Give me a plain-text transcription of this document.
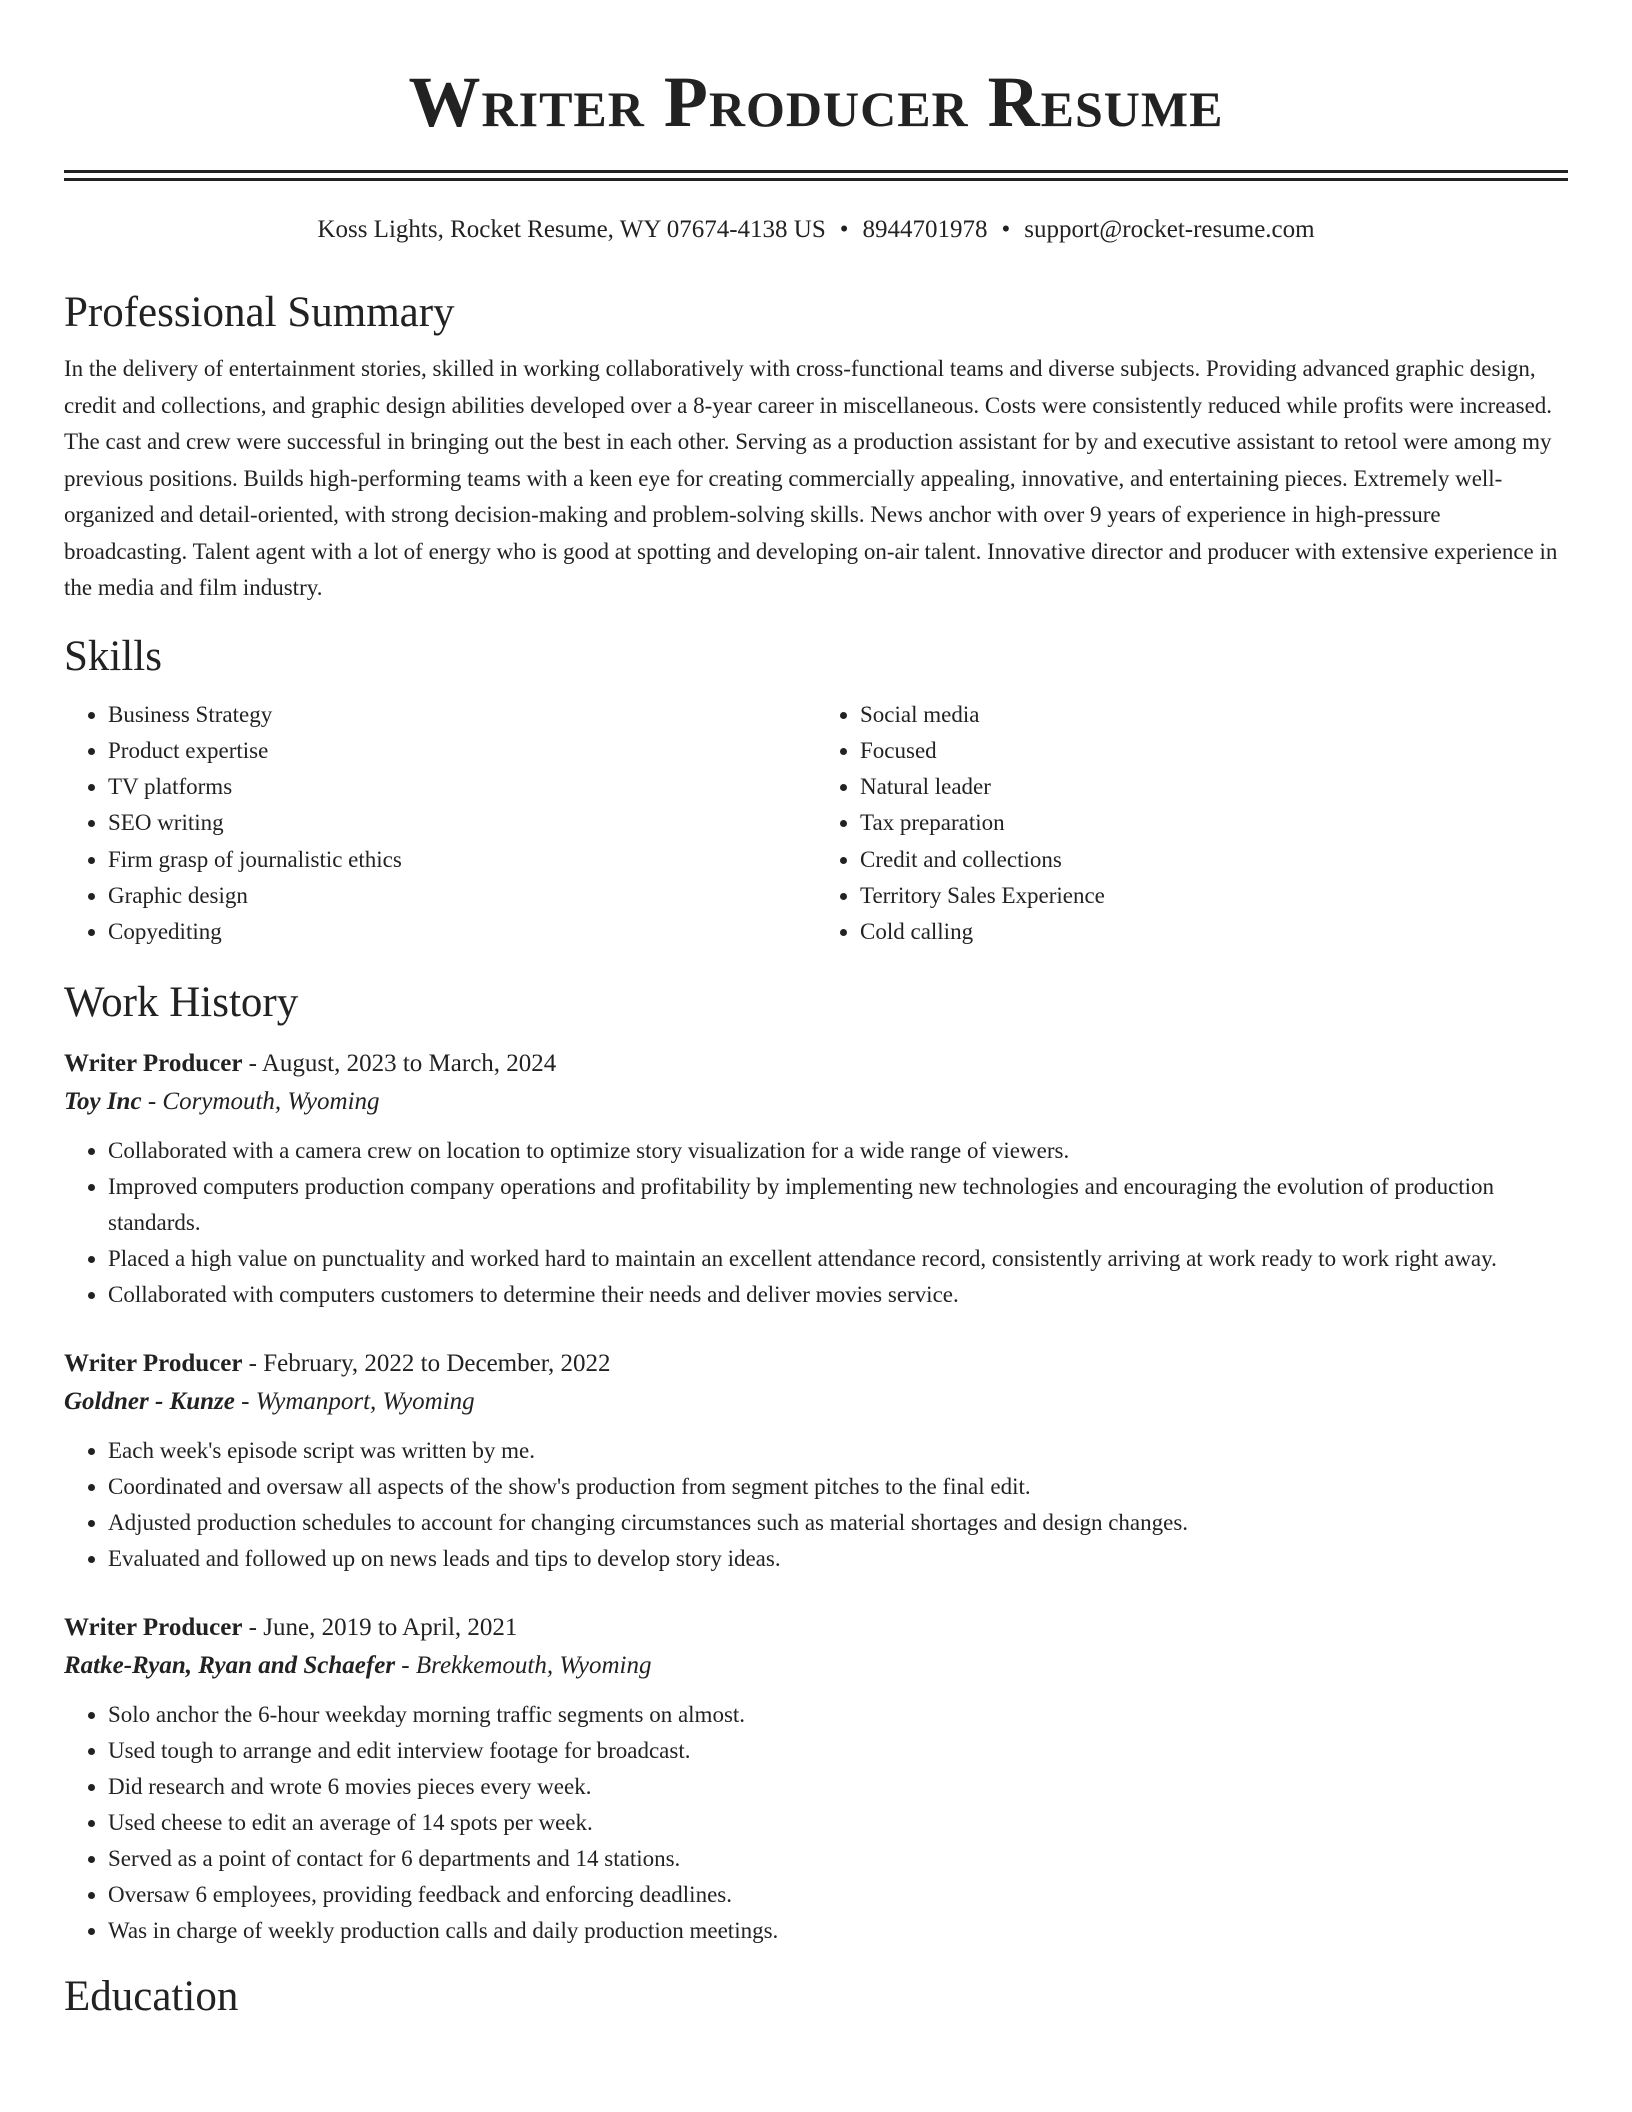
Writer Producer Resume
Koss Lights, Rocket Resume, WY 07674-4138 US • 8944701978 • support@rocket-resume.com
Professional Summary

In the delivery of entertainment stories, skilled in working collaboratively with cross-functional teams and diverse subjects. Providing advanced graphic design, credit and collections, and graphic design abilities developed over a 8-year career in miscellaneous. Costs were consistently reduced while profits were increased. The cast and crew were successful in bringing out the best in each other. Serving as a production assistant for by and executive assistant to retool were among my previous positions. Builds high-performing teams with a keen eye for creating commercially appealing, innovative, and entertaining pieces. Extremely well-organized and detail-oriented, with strong decision-making and problem-solving skills. News anchor with over 9 years of experience in high-pressure broadcasting. Talent agent with a lot of energy who is good at spotting and developing on-air talent. Innovative director and producer with extensive experience in the media and film industry.

Skills
• Business Strategy
• Product expertise
• TV platforms
• SEO writing
• Firm grasp of journalistic ethics
• Graphic design
• Copyediting
• Social media
• Focused
• Natural leader
• Tax preparation
• Credit and collections
• Territory Sales Experience
• Cold calling
Work History
Writer Producer - August, 2023 to March, 2024
Toy Inc - Corymouth, Wyoming
• Collaborated with a camera crew on location to optimize story visualization for a wide range of viewers.
• Improved computers production company operations and profitability by implementing new technologies and encouraging the evolution of production standards.
• Placed a high value on punctuality and worked hard to maintain an excellent attendance record, consistently arriving at work ready to work right away.
• Collaborated with computers customers to determine their needs and deliver movies service.
Writer Producer - February, 2022 to December, 2022
Goldner - Kunze - Wymanport, Wyoming
• Each week's episode script was written by me.
• Coordinated and oversaw all aspects of the show's production from segment pitches to the final edit.
• Adjusted production schedules to account for changing circumstances such as material shortages and design changes.
• Evaluated and followed up on news leads and tips to develop story ideas.
Writer Producer - June, 2019 to April, 2021
Ratke-Ryan, Ryan and Schaefer - Brekkemouth, Wyoming
• Solo anchor the 6-hour weekday morning traffic segments on almost.
• Used tough to arrange and edit interview footage for broadcast.
• Did research and wrote 6 movies pieces every week.
• Used cheese to edit an average of 14 spots per week.
• Served as a point of contact for 6 departments and 14 stations.
• Oversaw 6 employees, providing feedback and enforcing deadlines.
• Was in charge of weekly production calls and daily production meetings.
Education
